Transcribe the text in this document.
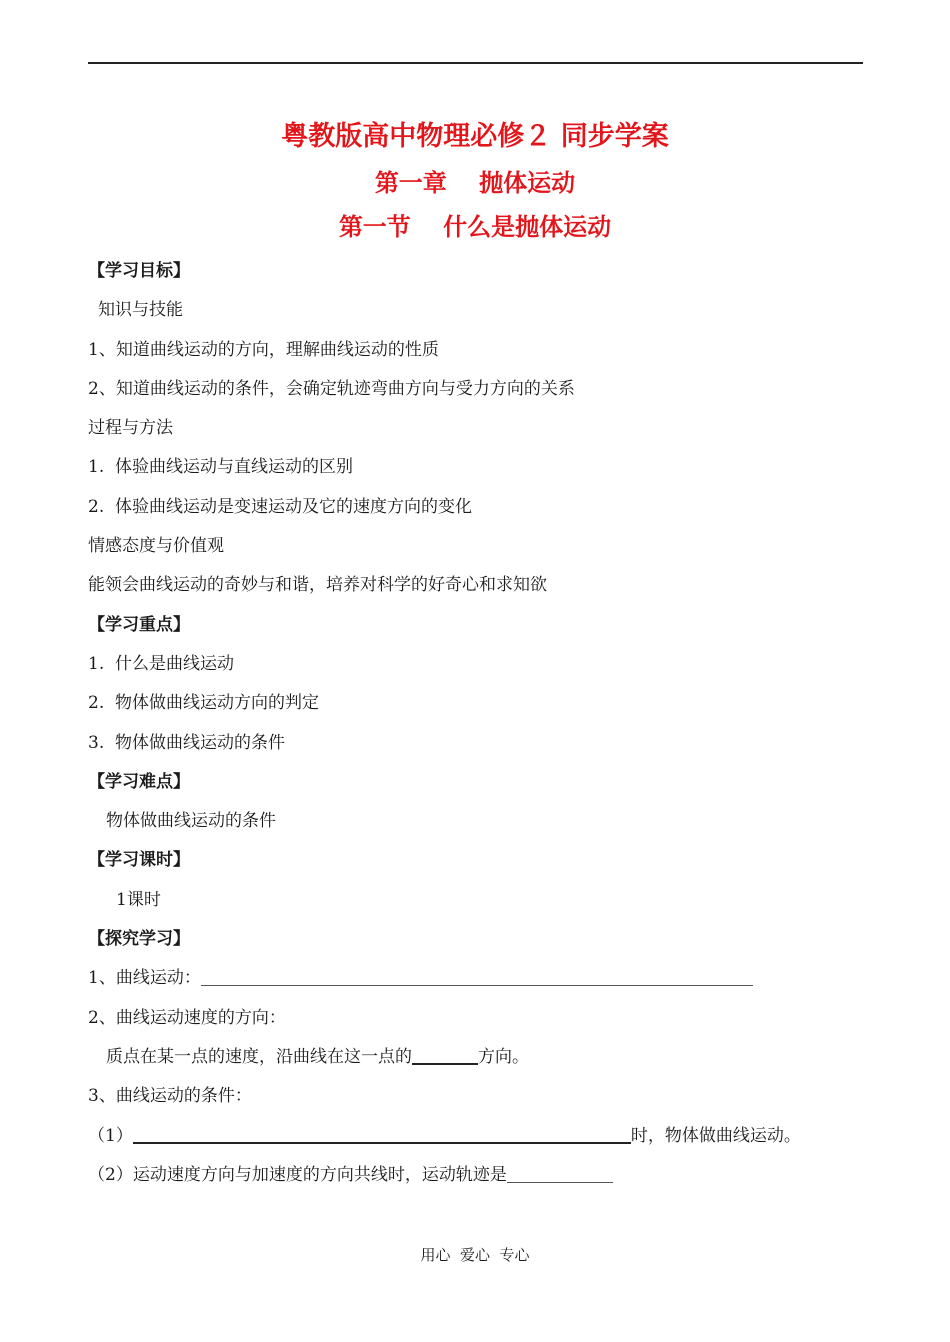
粤教版高中物理必修２ 同步学案
第一章　 抛体运动
第一节　 什么是抛体运动
【学习目标】
知识与技能
1、知道曲线运动的方向，理解曲线运动的性质
2、知道曲线运动的条件，会确定轨迹弯曲方向与受力方向的关系
过程与方法
1.  体验曲线运动与直线运动的区别
2.  体验曲线运动是变速运动及它的速度方向的变化
情感态度与价值观
能领会曲线运动的奇妙与和谐，培养对科学的好奇心和求知欲
【学习重点】
1.  什么是曲线运动
2.  物体做曲线运动方向的判定
3.  物体做曲线运动的条件
【学习难点】
物体做曲线运动的条件
【学习课时】
1课时
【探究学习】
1、曲线运动：
2、曲线运动速度的方向：
质点在某一点的速度，沿曲线在这一点的	方向。
3、曲线运动的条件：
（1）	时，物体做曲线运动。
（2）运动速度方向与加速度的方向共线时，运动轨迹是
用心  爱心  专心
